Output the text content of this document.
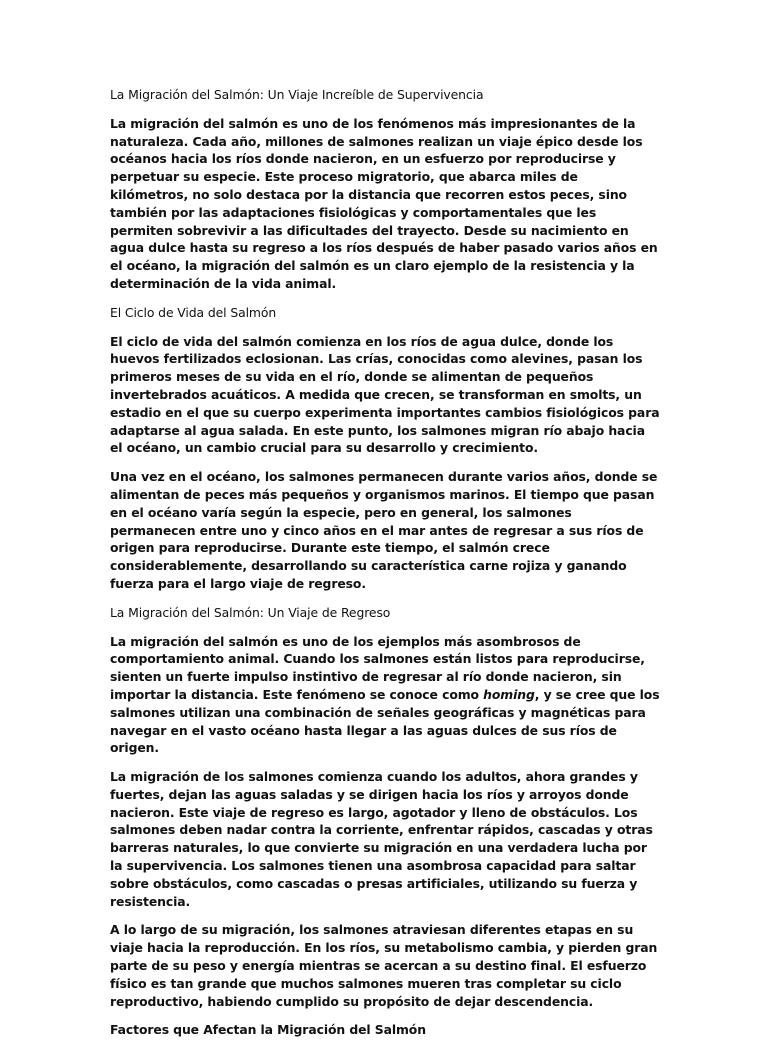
La Migración del Salmón: Un Viaje Increíble de Supervivencia

La migración del salmón es uno de los fenómenos más impresionantes de la naturaleza. Cada año, millones de salmones realizan un viaje épico desde los océanos hacia los ríos donde nacieron, en un esfuerzo por reproducirse y perpetuar su especie. Este proceso migratorio, que abarca miles de kilómetros, no solo destaca por la distancia que recorren estos peces, sino también por las adaptaciones fisiológicas y comportamentales que les permiten sobrevivir a las dificultades del trayecto. Desde su nacimiento en agua dulce hasta su regreso a los ríos después de haber pasado varios años en el océano, la migración del salmón es un claro ejemplo de la resistencia y la determinación de la vida animal.

El Ciclo de Vida del Salmón

El ciclo de vida del salmón comienza en los ríos de agua dulce, donde los huevos fertilizados eclosionan. Las crías, conocidas como alevines, pasan los primeros meses de su vida en el río, donde se alimentan de pequeños invertebrados acuáticos. A medida que crecen, se transforman en smolts, un estadio en el que su cuerpo experimenta importantes cambios fisiológicos para adaptarse al agua salada. En este punto, los salmones migran río abajo hacia el océano, un cambio crucial para su desarrollo y crecimiento.

Una vez en el océano, los salmones permanecen durante varios años, donde se alimentan de peces más pequeños y organismos marinos. El tiempo que pasan en el océano varía según la especie, pero en general, los salmones permanecen entre uno y cinco años en el mar antes de regresar a sus ríos de origen para reproducirse. Durante este tiempo, el salmón crece considerablemente, desarrollando su característica carne rojiza y ganando fuerza para el largo viaje de regreso.

La Migración del Salmón: Un Viaje de Regreso

La migración del salmón es uno de los ejemplos más asombrosos de comportamiento animal. Cuando los salmones están listos para reproducirse, sienten un fuerte impulso instintivo de regresar al río donde nacieron, sin importar la distancia. Este fenómeno se conoce como homing, y se cree que los salmones utilizan una combinación de señales geográficas y magnéticas para navegar en el vasto océano hasta llegar a las aguas dulces de sus ríos de origen.

La migración de los salmones comienza cuando los adultos, ahora grandes y fuertes, dejan las aguas saladas y se dirigen hacia los ríos y arroyos donde nacieron. Este viaje de regreso es largo, agotador y lleno de obstáculos. Los salmones deben nadar contra la corriente, enfrentar rápidos, cascadas y otras barreras naturales, lo que convierte su migración en una verdadera lucha por la supervivencia. Los salmones tienen una asombrosa capacidad para saltar sobre obstáculos, como cascadas o presas artificiales, utilizando su fuerza y resistencia.

A lo largo de su migración, los salmones atraviesan diferentes etapas en su viaje hacia la reproducción. En los ríos, su metabolismo cambia, y pierden gran parte de su peso y energía mientras se acercan a su destino final. El esfuerzo físico es tan grande que muchos salmones mueren tras completar su ciclo reproductivo, habiendo cumplido su propósito de dejar descendencia.

Factores que Afectan la Migración del Salmón
